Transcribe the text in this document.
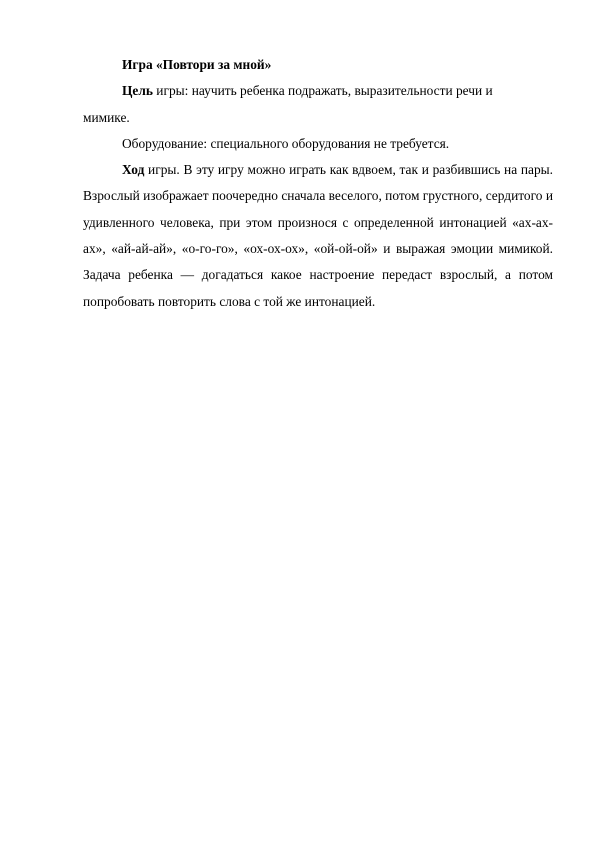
Игра «Повтори за мной»

Цель игры: научить ребенка подражать, выразительности речи и мимике.

Оборудование: специального оборудования не требуется.

Ход игры. В эту игру можно играть как вдвоем, так и разбившись на пары. Взрослый изображает поочередно сначала веселого, потом грустного, сердитого и удивленного человека, при этом произнося с определенной интонацией «ах-ах-ах», «ай-ай-ай», «о-го-го», «ох-ох-ох», «ой-ой-ой» и выражая эмоции мимикой. Задача ребенка — догадаться какое настроение передаст взрослый, а потом попробовать повторить слова с той же интонацией.
